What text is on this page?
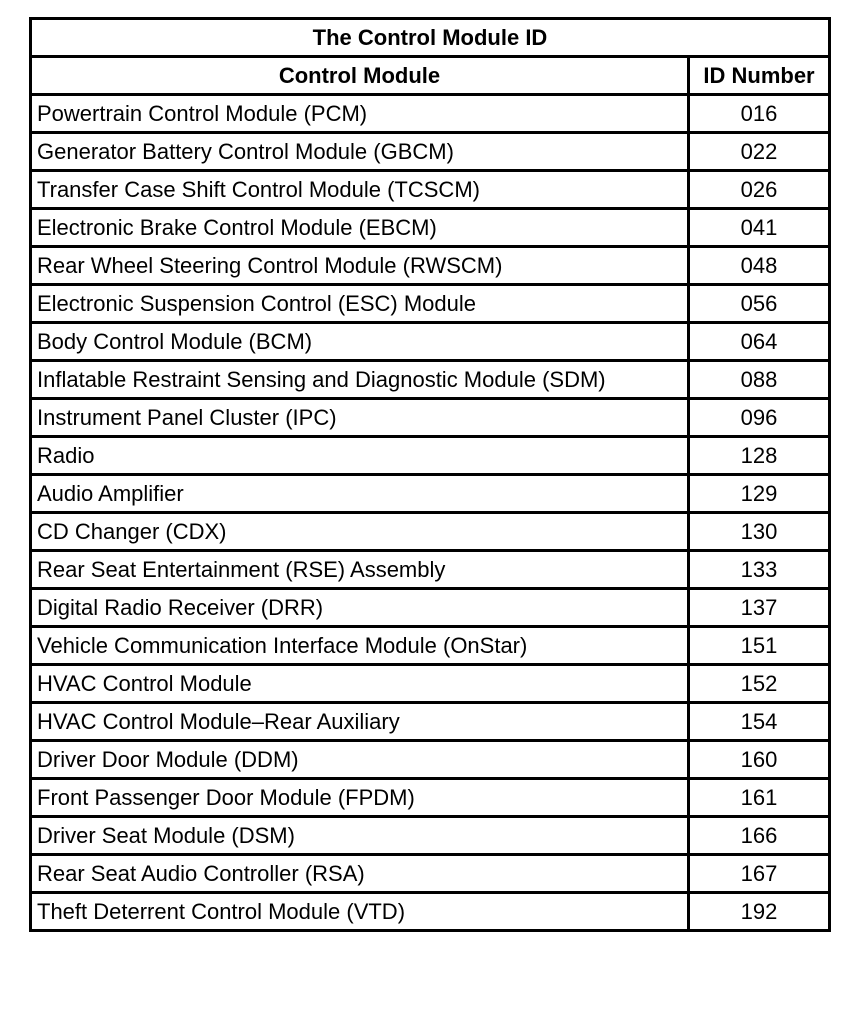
The Control Module ID	
Control Module	ID Number
Powertrain Control Module (PCM)	016
Generator Battery Control Module (GBCM)	022
Transfer Case Shift Control Module (TCSCM)	026
Electronic Brake Control Module (EBCM)	041
Rear Wheel Steering Control Module (RWSCM)	048
Electronic Suspension Control (ESC) Module	056
Body Control Module (BCM)	064
Inflatable Restraint Sensing and Diagnostic Module (SDM)	088
Instrument Panel Cluster (IPC)	096
Radio	128
Audio Amplifier	129
CD Changer (CDX)	130
Rear Seat Entertainment (RSE) Assembly	133
Digital Radio Receiver (DRR)	137
Vehicle Communication Interface Module (OnStar)	151
HVAC Control Module	152
HVAC Control Module–Rear Auxiliary	154
Driver Door Module (DDM)	160
Front Passenger Door Module (FPDM)	161
Driver Seat Module (DSM)	166
Rear Seat Audio Controller (RSA)	167
Theft Deterrent Control Module (VTD)	192
